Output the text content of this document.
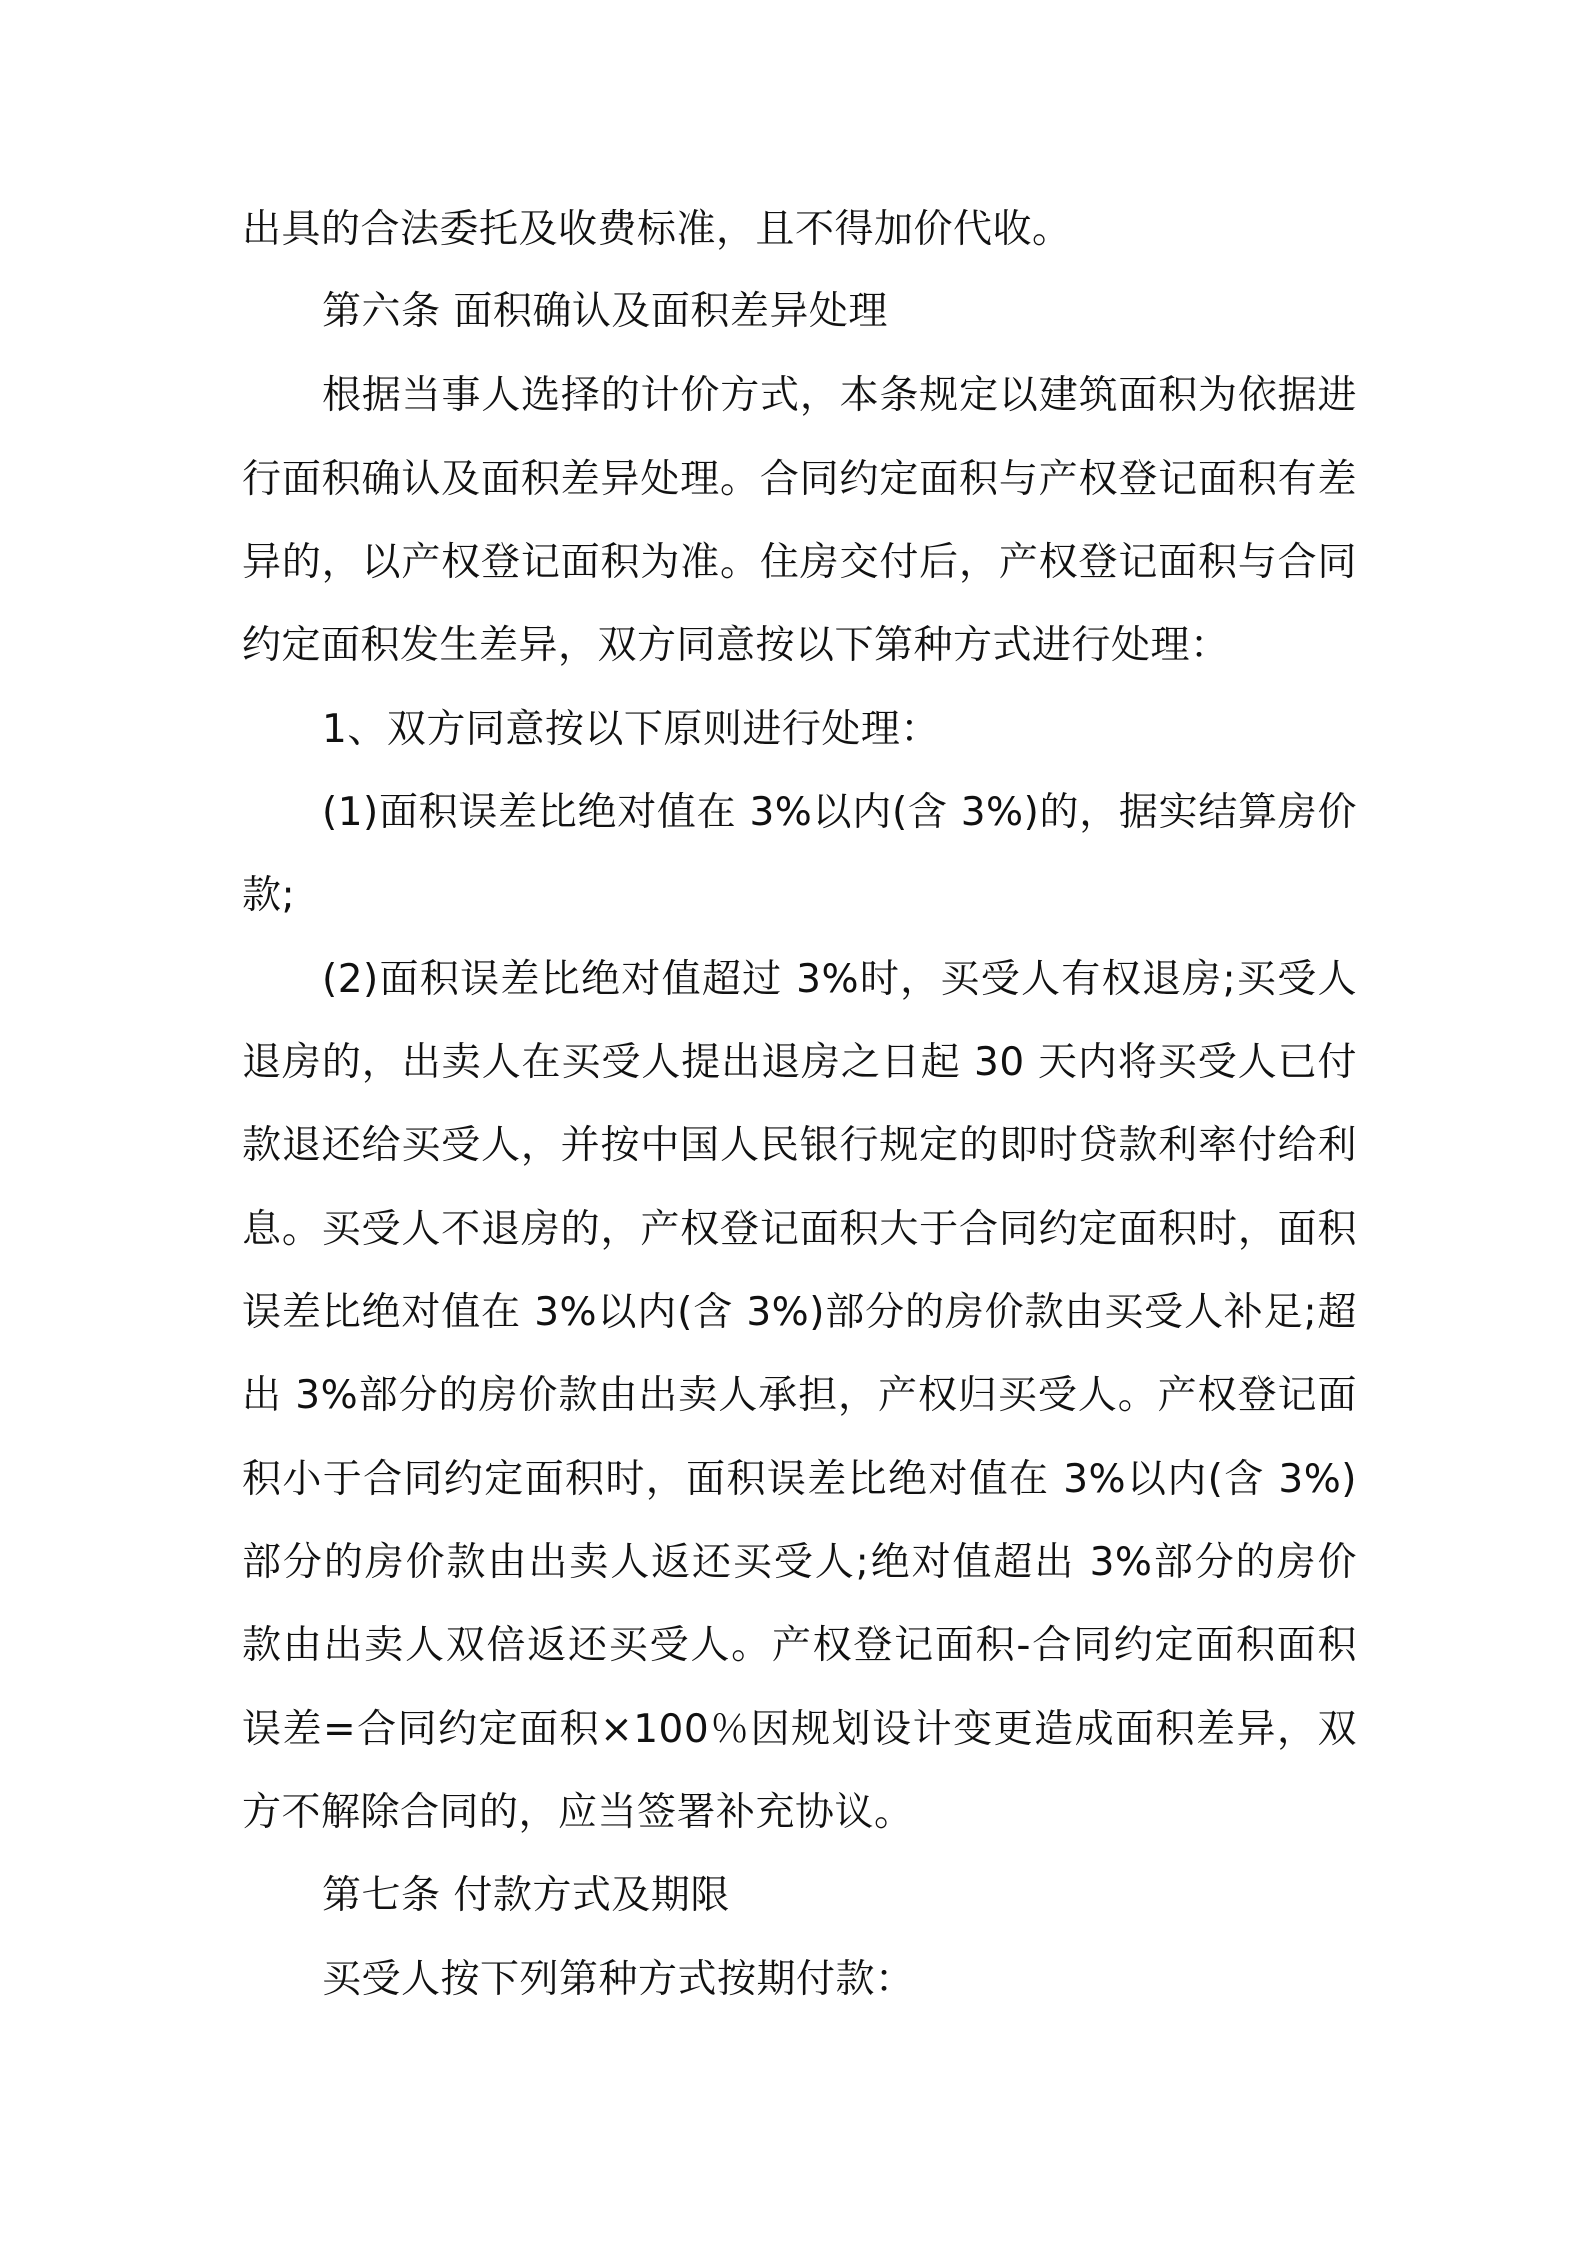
出具的合法委托及收费标准，且不得加价代收。
第六条 面积确认及面积差异处理
根据当事人选择的计价方式，本条规定以建筑面积为依据进
行面积确认及面积差异处理。合同约定面积与产权登记面积有差
异的，以产权登记面积为准。住房交付后，产权登记面积与合同
约定面积发生差异，双方同意按以下第种方式进行处理：
1、双方同意按以下原则进行处理：
(1)面积误差比绝对值在 3%以内(含 3%)的，据实结算房价
款;
(2)面积误差比绝对值超过 3%时，买受人有权退房;买受人
退房的，出卖人在买受人提出退房之日起 30 天内将买受人已付
款退还给买受人，并按中国人民银行规定的即时贷款利率付给利
息。买受人不退房的，产权登记面积大于合同约定面积时，面积
误差比绝对值在 3%以内(含 3%)部分的房价款由买受人补足;超
出 3%部分的房价款由出卖人承担，产权归买受人。产权登记面
积小于合同约定面积时，面积误差比绝对值在 3%以内(含 3%)
部分的房价款由出卖人返还买受人;绝对值超出 3%部分的房价
款由出卖人双倍返还买受人。产权登记面积-合同约定面积面积
误差=合同约定面积×100％因规划设计变更造成面积差异，双
方不解除合同的，应当签署补充协议。
第七条 付款方式及期限
买受人按下列第种方式按期付款：
